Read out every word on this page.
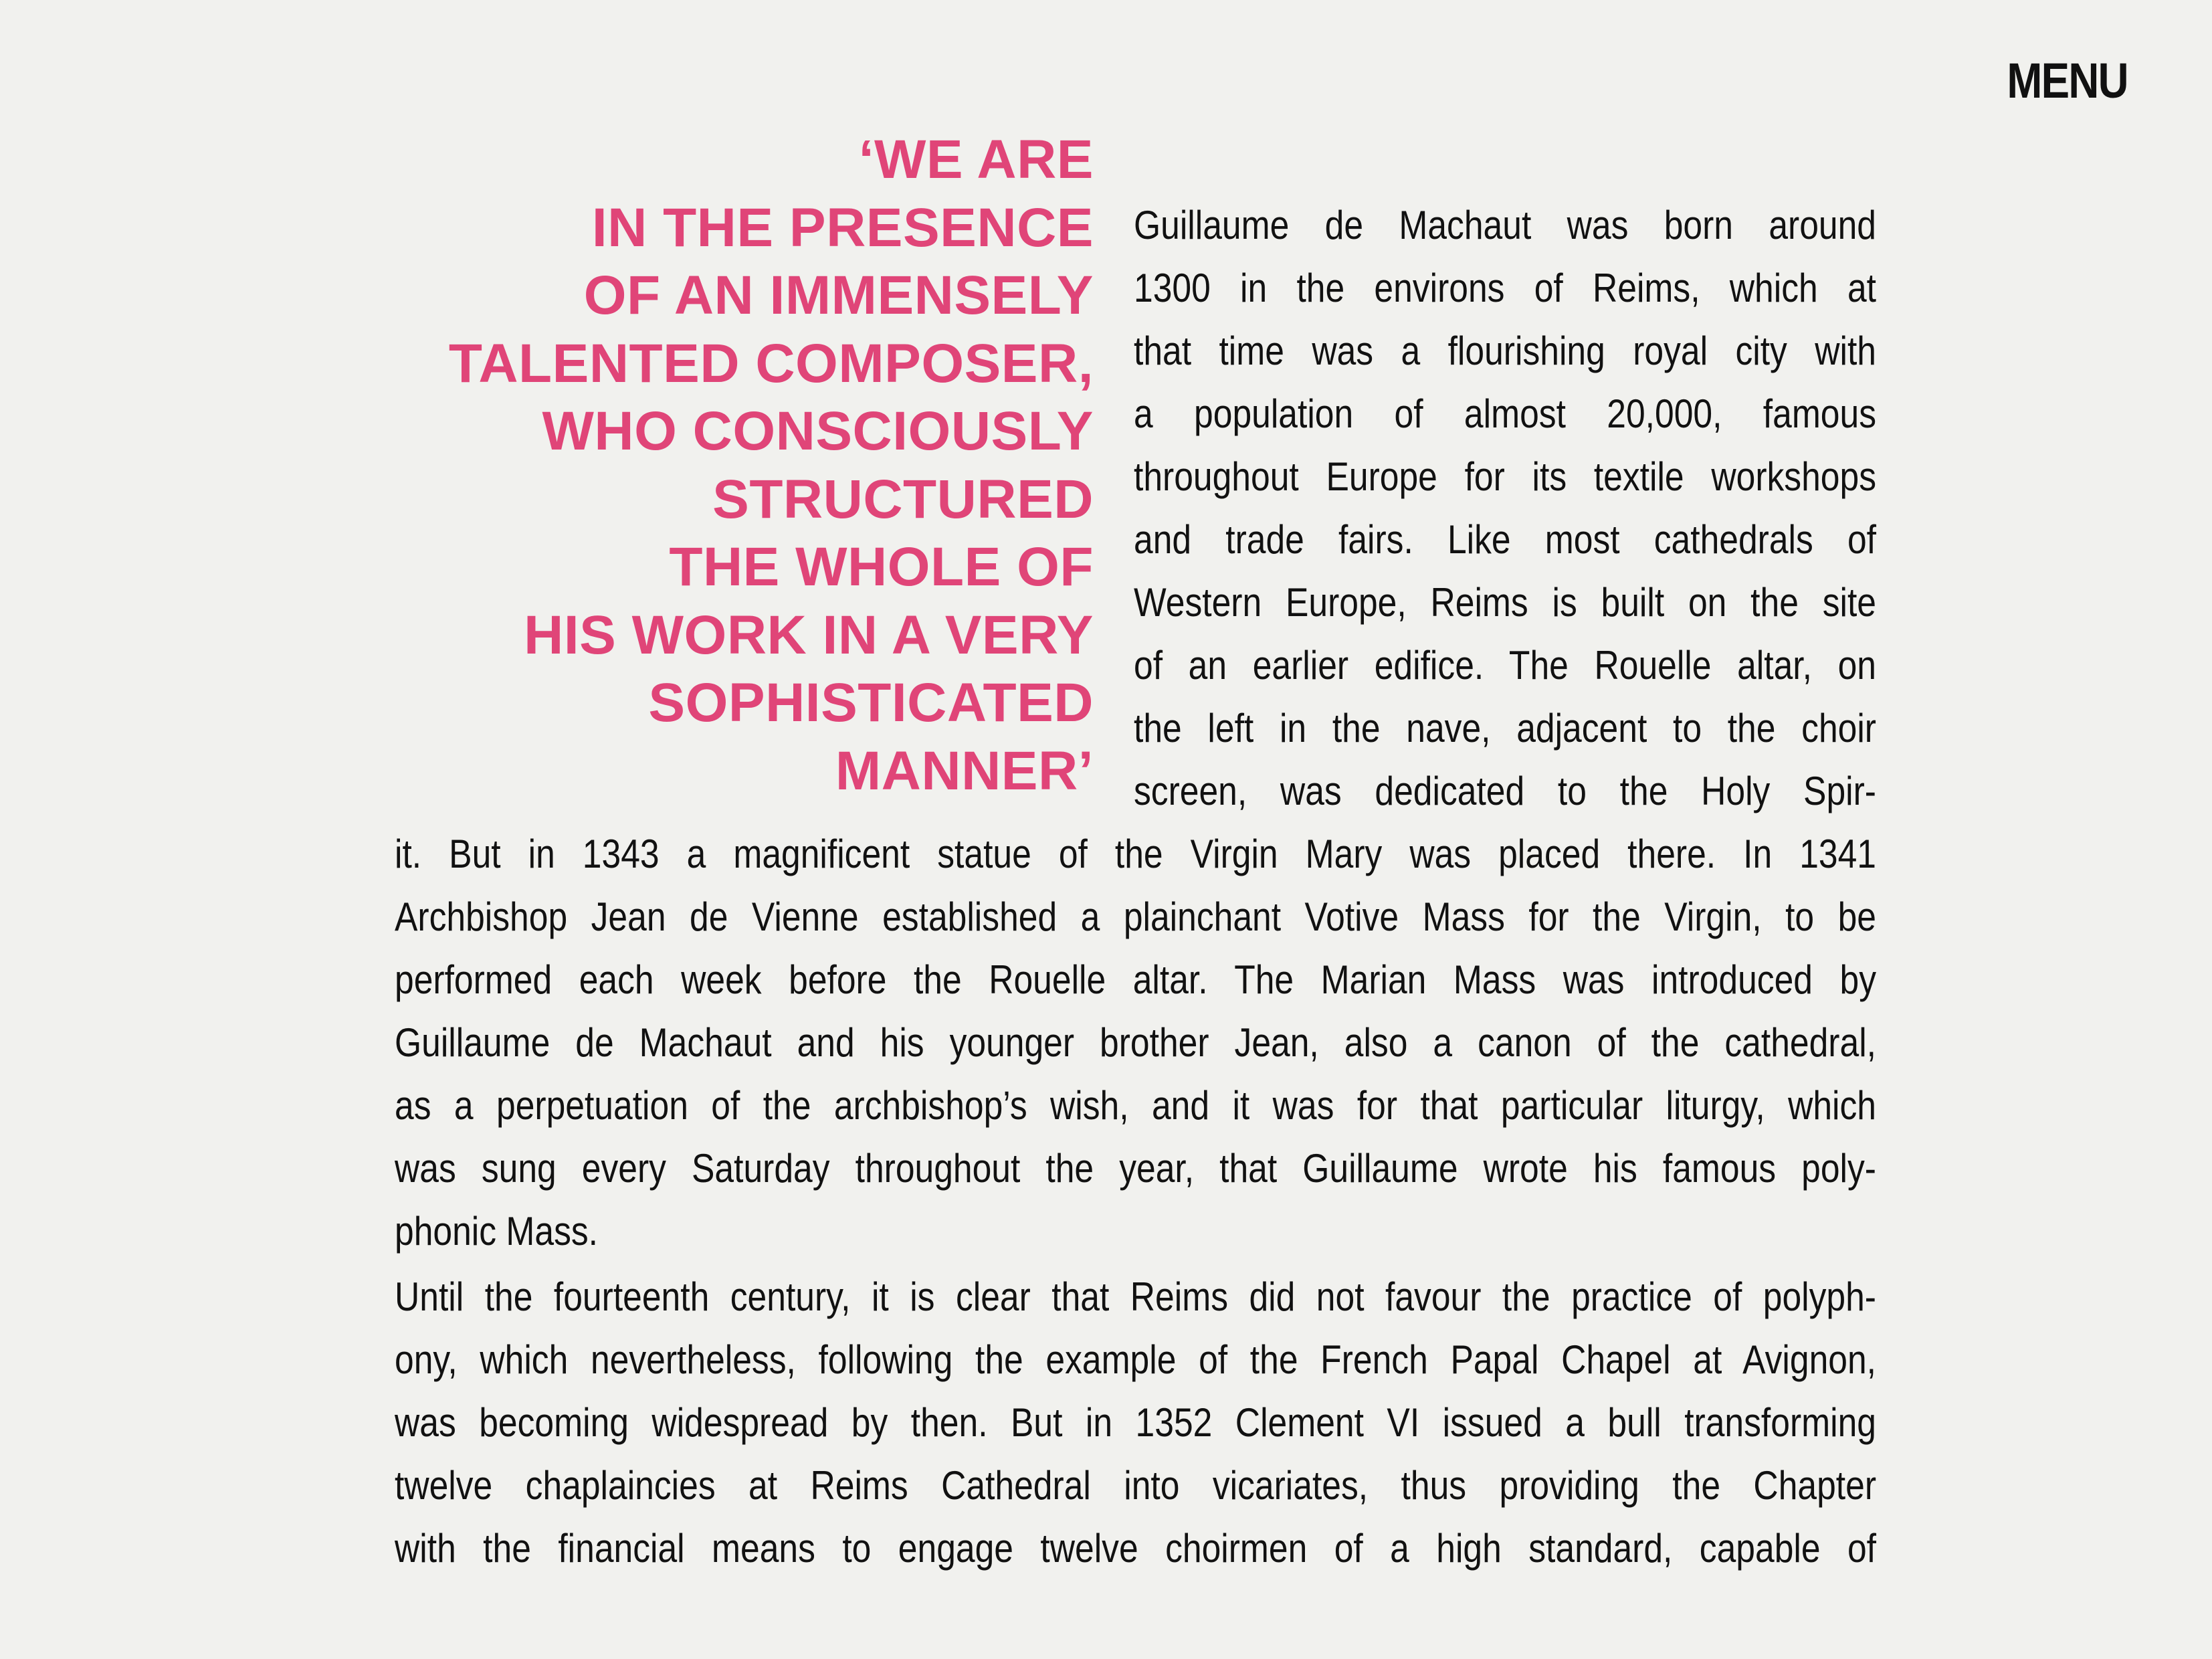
MENU
‘WE ARE
IN THE PRESENCE
OF AN IMMENSELY
TALENTED COMPOSER,
WHO CONSCIOUSLY
STRUCTURED
THE WHOLE OF
HIS WORK IN A VERY
SOPHISTICATED
MANNER’
Guillaume de Machaut was born around
1300 in the environs of Reims, which at
that time was a flourishing royal city with
a population of almost 20,000, famous
throughout Europe for its textile workshops
and trade fairs. Like most cathedrals of
Western Europe, Reims is built on the site
of an earlier edifice. The Rouelle altar, on
the left in the nave, adjacent to the choir
screen, was dedicated to the Holy Spir-
it. But in 1343 a magnificent statue of the Virgin Mary was placed there. In 1341
Archbishop Jean de Vienne established a plainchant Votive Mass for the Virgin, to be
performed each week before the Rouelle altar. The Marian Mass was introduced by
Guillaume de Machaut and his younger brother Jean, also a canon of the cathedral,
as a perpetuation of the archbishop’s wish, and it was for that particular liturgy, which
was sung every Saturday throughout the year, that Guillaume wrote his famous poly-
phonic Mass.
Until the fourteenth century, it is clear that Reims did not favour the practice of polyph-
ony, which nevertheless, following the example of the French Papal Chapel at Avignon,
was becoming widespread by then. But in 1352 Clement VI issued a bull transforming
twelve chaplaincies at Reims Cathedral into vicariates, thus providing the Chapter
with the financial means to engage twelve choirmen of a high standard, capable of
